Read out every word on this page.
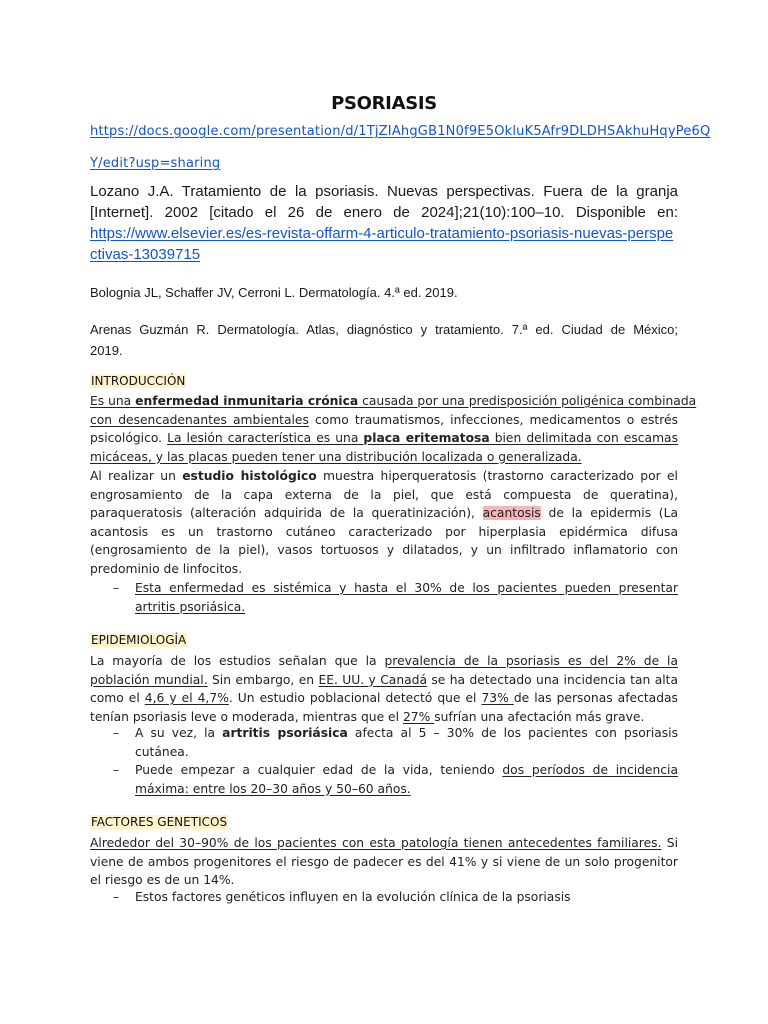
PSORIASIS
https://docs.google.com/presentation/d/1TjZIAhgGB1N0f9E5OkluK5Afr9DLDHSAkhuHqyPe6Q
Y/edit?usp=sharing
Lozano J.A. Tratamiento de la psoriasis. Nuevas perspectivas. Fuera de la granja
[Internet]. 2002 [citado el 26 de enero de 2024];21(10):100–10. Disponible en:
https://www.elsevier.es/es-revista-offarm-4-articulo-tratamiento-psoriasis-nuevas-perspe
ctivas-13039715
Bolognia JL, Schaffer JV, Cerroni L. Dermatología. 4.ª ed. 2019.
Arenas Guzmán R. Dermatología. Atlas, diagnóstico y tratamiento. 7.ª ed. Ciudad de México;
2019.
INTRODUCCIÓN
Es una enfermedad inmunitaria crónica causada por una predisposición poligénica combinada
con desencadenantes ambientales como traumatismos, infecciones, medicamentos o estrés
psicológico. La lesión característica es una placa eritematosa bien delimitada con escamas
micáceas, y las placas pueden tener una distribución localizada o generalizada.
Al realizar un estudio histológico muestra hiperqueratosis (trastorno caracterizado por el
engrosamiento de la capa externa de la piel, que está compuesta de queratina),
paraqueratosis (alteración adquirida de la queratinización), acantosis de la epidermis (La
acantosis es un trastorno cutáneo caracterizado por hiperplasia epidérmica difusa
(engrosamiento de la piel), vasos tortuosos y dilatados, y un infiltrado inflamatorio con
predominio de linfocitos.
– Esta enfermedad es sistémica y hasta el 30% de los pacientes pueden presentar
artritis psoriásica.
EPIDEMIOLOGÍA
La mayoría de los estudios señalan que la prevalencia de la psoriasis es del 2% de la
población mundial. Sin embargo, en EE. UU. y Canadá se ha detectado una incidencia tan alta
como el 4,6 y el 4,7%. Un estudio poblacional detectó que el 73% de las personas afectadas
tenían psoriasis leve o moderada, mientras que el 27% sufrían una afectación más grave.
– A su vez, la artritis psoriásica afecta al 5 – 30% de los pacientes con psoriasis
cutánea.
– Puede empezar a cualquier edad de la vida, teniendo dos períodos de incidencia
máxima: entre los 20–30 años y 50–60 años.
FACTORES GENETICOS
Alrededor del 30–90% de los pacientes con esta patología tienen antecedentes familiares. Si
viene de ambos progenitores el riesgo de padecer es del 41% y si viene de un solo progenitor
el riesgo es de un 14%.
– Estos factores genéticos influyen en la evolución clínica de la psoriasis
